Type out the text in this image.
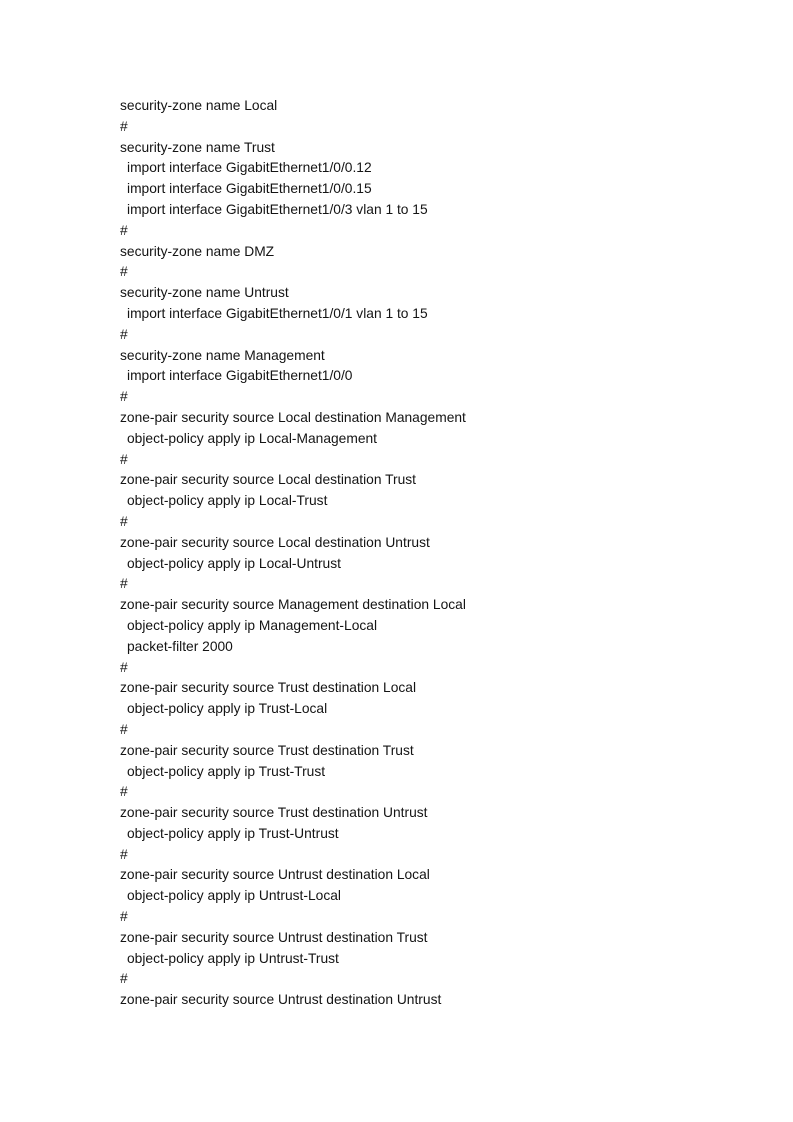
security-zone name Local
#
security-zone name Trust
import interface GigabitEthernet1/0/0.12
import interface GigabitEthernet1/0/0.15
import interface GigabitEthernet1/0/3 vlan 1 to 15
#
security-zone name DMZ
#
security-zone name Untrust
import interface GigabitEthernet1/0/1 vlan 1 to 15
#
security-zone name Management
import interface GigabitEthernet1/0/0
#
zone-pair security source Local destination Management
object-policy apply ip Local-Management
#
zone-pair security source Local destination Trust
object-policy apply ip Local-Trust
#
zone-pair security source Local destination Untrust
object-policy apply ip Local-Untrust
#
zone-pair security source Management destination Local
object-policy apply ip Management-Local
packet-filter 2000
#
zone-pair security source Trust destination Local
object-policy apply ip Trust-Local
#
zone-pair security source Trust destination Trust
object-policy apply ip Trust-Trust
#
zone-pair security source Trust destination Untrust
object-policy apply ip Trust-Untrust
#
zone-pair security source Untrust destination Local
object-policy apply ip Untrust-Local
#
zone-pair security source Untrust destination Trust
object-policy apply ip Untrust-Trust
#
zone-pair security source Untrust destination Untrust
